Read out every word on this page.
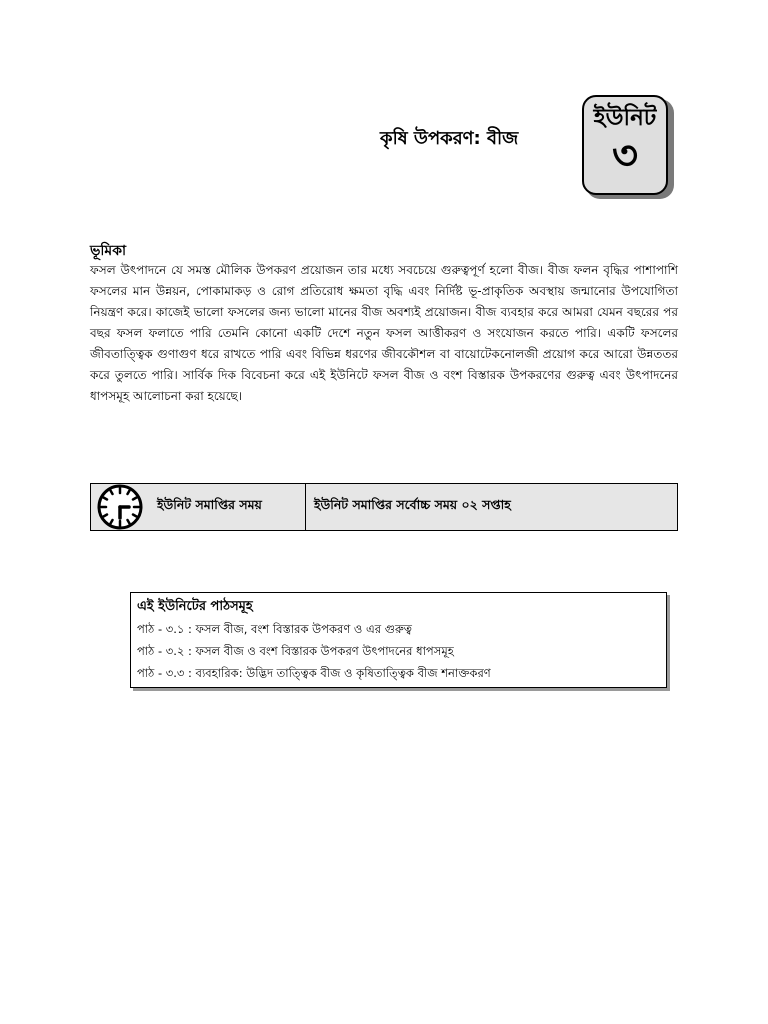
কৃষি উপকরণ: বীজ
ইউনিট
৩
ভূমিকা

ফসল উৎপাদনে যে সমস্ত মৌলিক উপকরণ প্রয়োজন তার মধ্যে সবচেয়ে গুরুত্বপূর্ণ হলো বীজ। বীজ ফলন বৃদ্ধির পাশাপাশি ফসলের মান উন্নয়ন, পোকামাকড় ও রোগ প্রতিরোধ ক্ষমতা বৃদ্ধি এবং নির্দিষ্ট ভূ-প্রাকৃতিক অবস্থায় জন্মানোর উপযোগিতা নিয়ন্ত্রণ করে। কাজেই ভালো ফসলের জন্য ভালো মানের বীজ অবশ্যই প্রয়োজন। বীজ ব্যবহার করে আমরা যেমন বছরের পর বছর ফসল ফলাতে পারি তেমনি কোনো একটি দেশে নতুন ফসল আত্তীকরণ ও সংযোজন করতে পারি। একটি ফসলের জীবতাত্ত্বিক গুণাগুণ ধরে রাখতে পারি এবং বিভিন্ন ধরণের জীবকৌশল বা বায়োটেকনোলজী প্রয়োগ করে আরো উন্নততর করে তুলতে পারি। সার্বিক দিক বিবেচনা করে এই ইউনিটে ফসল বীজ ও বংশ বিস্তারক উপকরণের গুরুত্ব এবং উৎপাদনের ধাপসমূহ আলোচনা করা হয়েছে।

ইউনিট সমাপ্তির সময়	ইউনিট সমাপ্তির সর্বোচ্চ সময় ০২ সপ্তাহ
এই ইউনিটের পাঠসমূহ
পাঠ - ৩.১ : ফসল বীজ, বংশ বিস্তারক উপকরণ ও এর গুরুত্ব
পাঠ - ৩.২ : ফসল বীজ ও বংশ বিস্তারক উপকরণ উৎপাদনের ধাপসমূহ
পাঠ - ৩.৩ : ব্যবহারিক: উদ্ভিদ তাত্ত্বিক বীজ ও কৃষিতাত্ত্বিক বীজ শনাক্তকরণ
